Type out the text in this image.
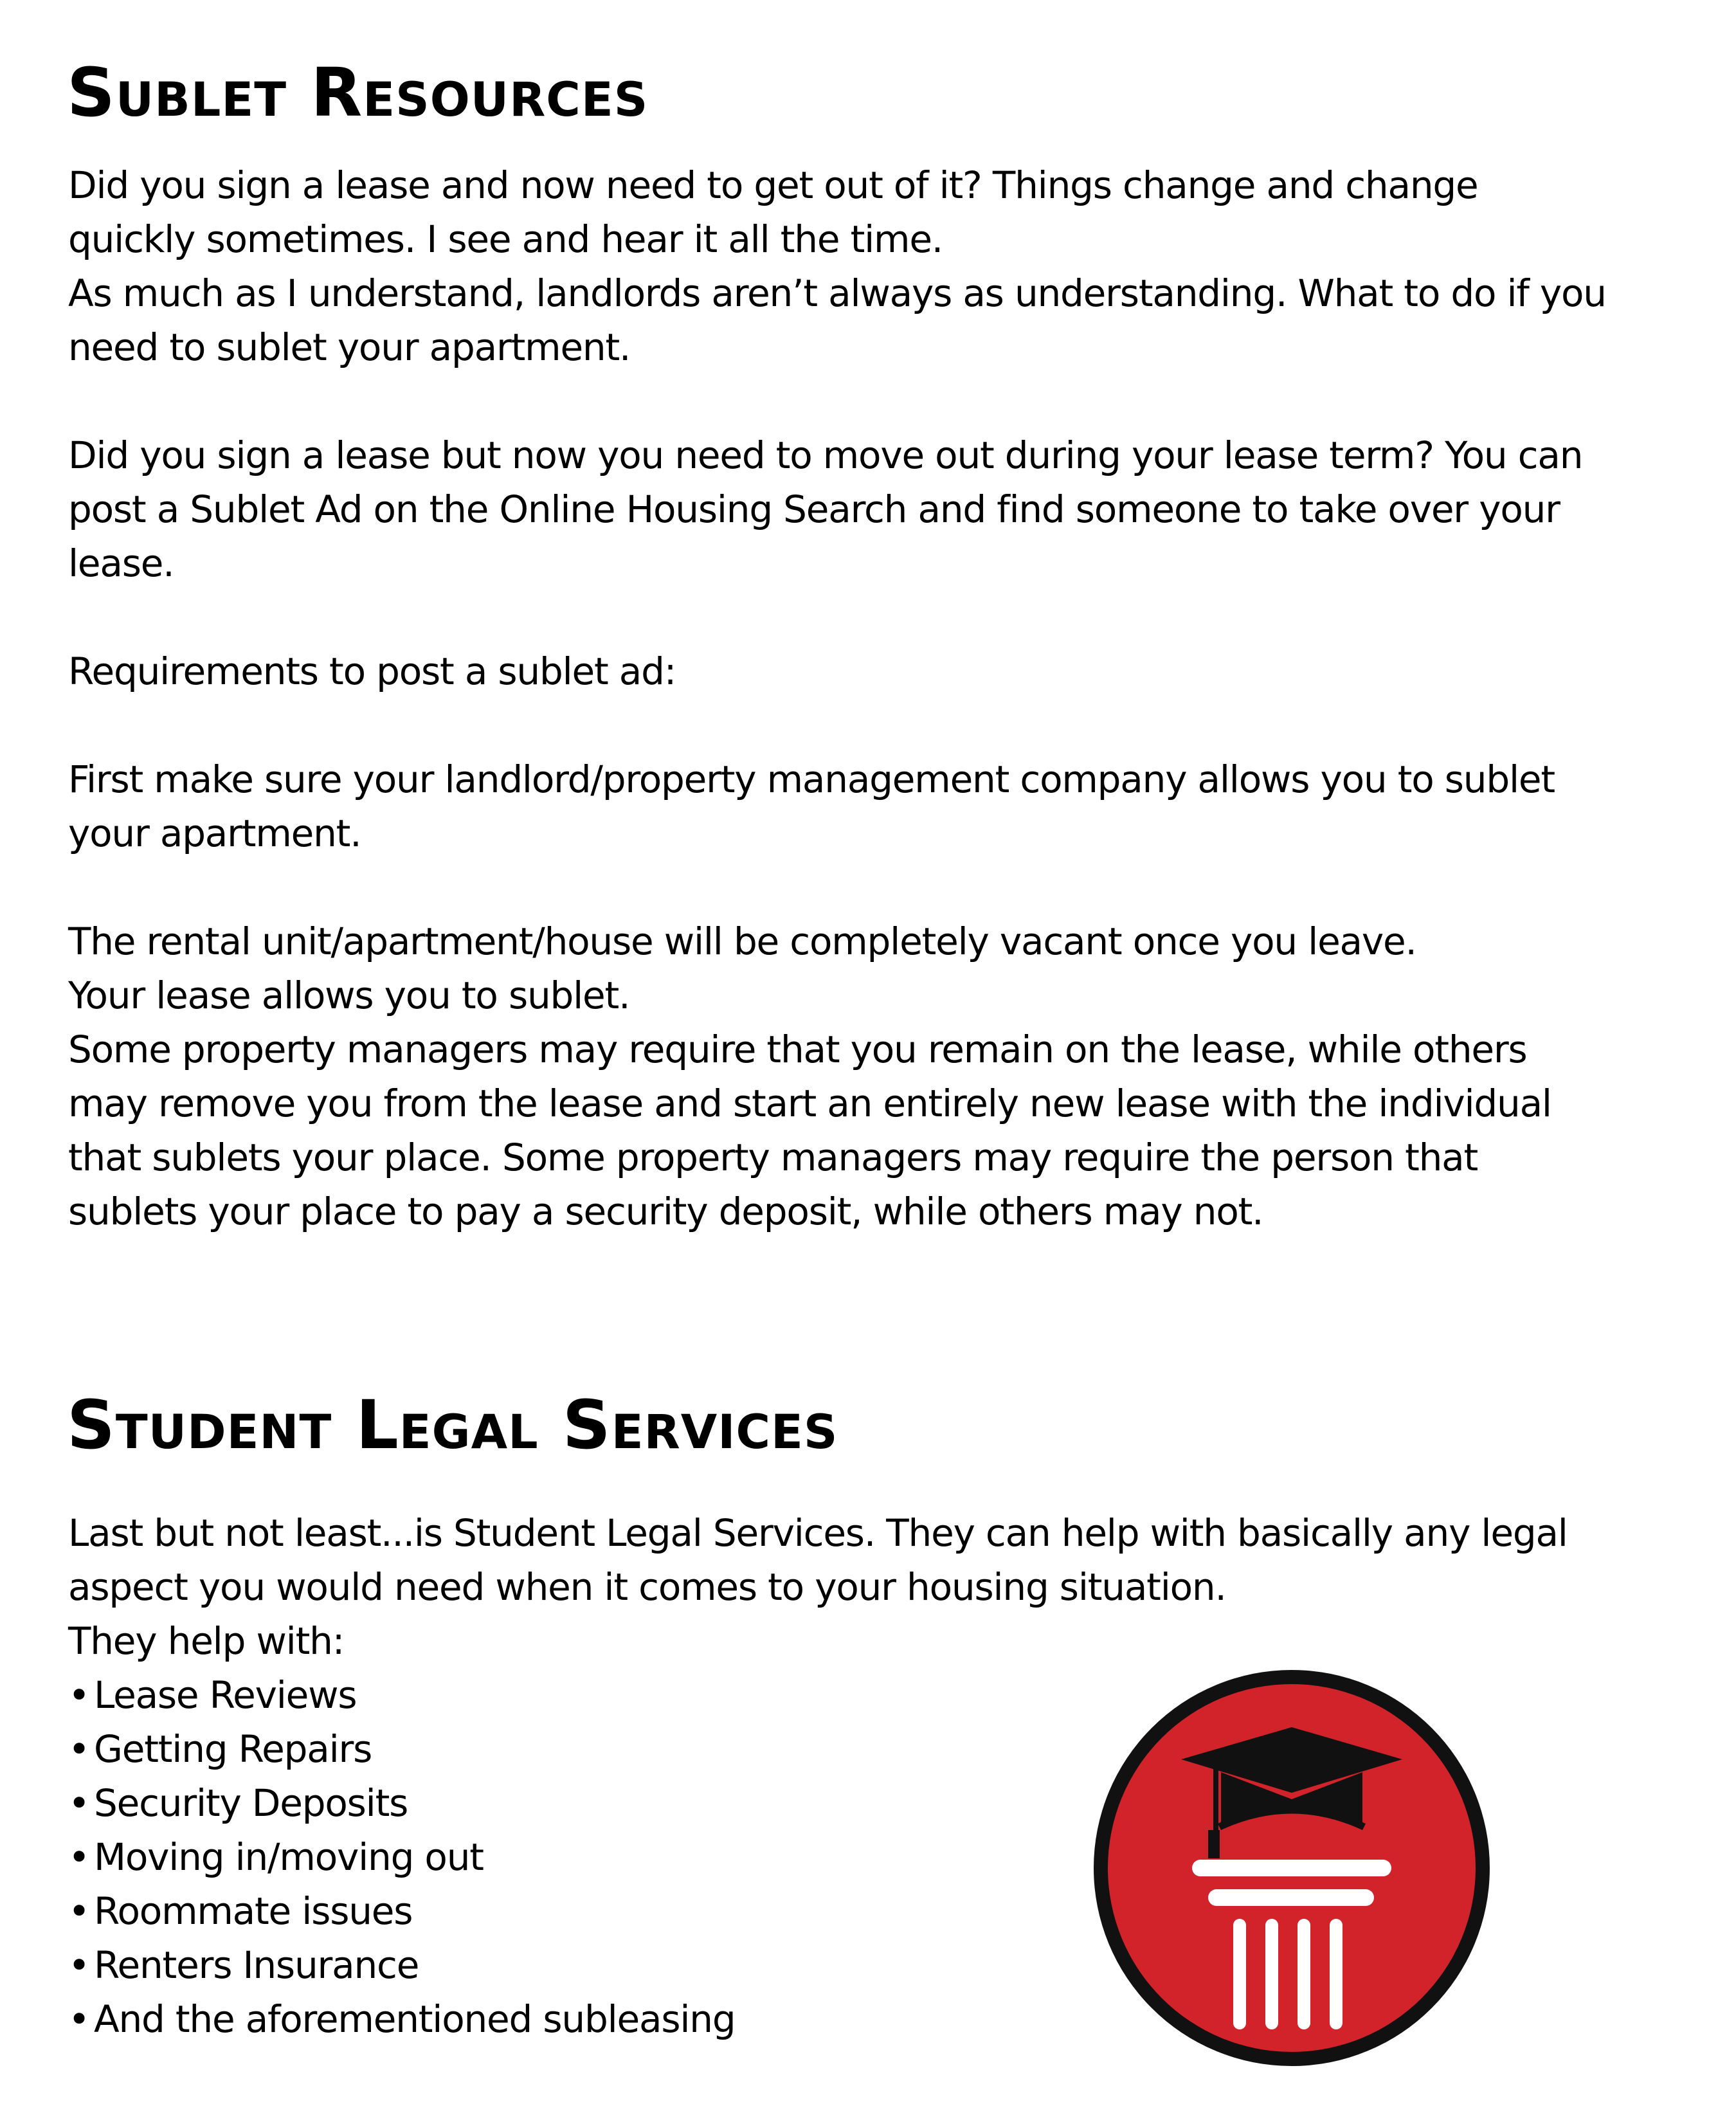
Sublet Resources

Did you sign a lease and now need to get out of it? Things change and change
quickly sometimes. I see and hear it all the time.
As much as I understand, landlords aren’t always as understanding. What to do if you
need to sublet your apartment.

Did you sign a lease but now you need to move out during your lease term? You can
post a Sublet Ad on the Online Housing Search and find someone to take over your
lease.

Requirements to post a sublet ad:

First make sure your landlord/property management company allows you to sublet
your apartment.

The rental unit/apartment/house will be completely vacant once you leave.
Your lease allows you to sublet.
Some property managers may require that you remain on the lease, while others
may remove you from the lease and start an entirely new lease with the individual
that sublets your place. Some property managers may require the person that
sublets your place to pay a security deposit, while others may not.

Student Legal Services

Last but not least...is Student Legal Services. They can help with basically any legal
aspect you would need when it comes to your housing situation.

They help with:

• Lease Reviews
• Getting Repairs
• Security Deposits
• Moving in/moving out
• Roommate issues
• Renters Insurance
• And the aforementioned subleasing
